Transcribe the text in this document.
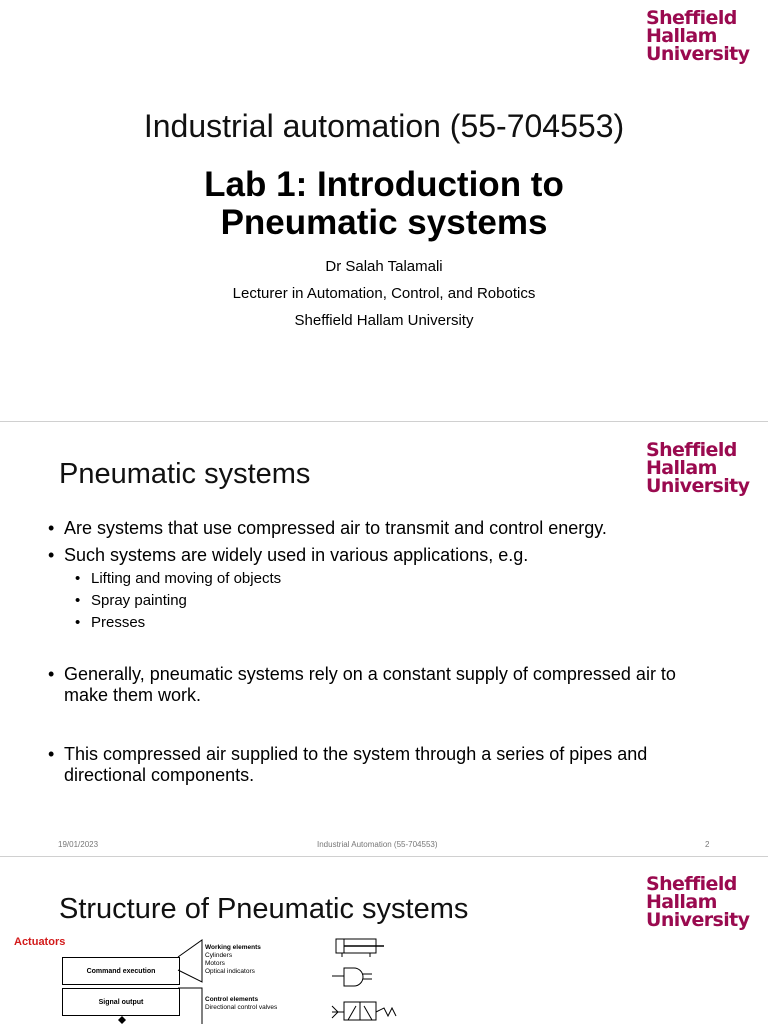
Sheffield
Hallam
University
Industrial automation (55-704553)
Lab 1: Introduction to
Pneumatic systems
Dr Salah Talamali
Lecturer in Automation, Control, and Robotics
Sheffield Hallam University
Sheffield
Hallam
University
Pneumatic systems
• Are systems that use compressed air to transmit and control energy.
• Such systems are widely used in various applications, e.g.
• Lifting and moving of objects
• Spray painting
• Presses
• Generally, pneumatic systems rely on a constant supply of compressed air to make them work.
• This compressed air supplied to the system through a series of pipes and directional components.
19/01/2023	Industrial Automation (55-704553)	2
Sheffield
Hallam
University
Structure of Pneumatic systems
Actuators
Command execution
Signal output
Working elements
Cylinders
Motors
Optical indicators
Control elements
Directional control valves
